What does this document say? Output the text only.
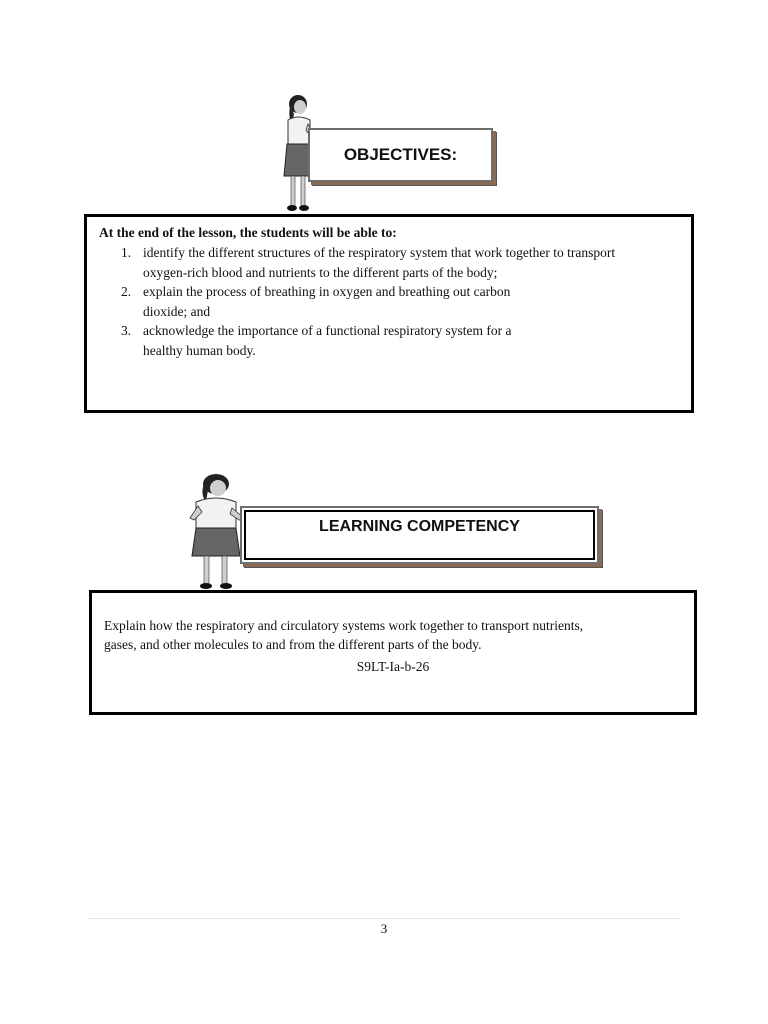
OBJECTIVES:
At the end of the lesson, the students will be able to:
1. identify the different structures of the respiratory system that work together to transport
oxygen-rich blood and nutrients to the different parts of the body;
2. explain the process of breathing in oxygen and breathing out carbon
dioxide; and
3. acknowledge the importance of a functional respiratory system for a
healthy human body.
LEARNING COMPETENCY
Explain how the respiratory and circulatory systems work together to transport nutrients,
gases, and other molecules to and from the different parts of the body.
S9LT-Ia-b-26
3
